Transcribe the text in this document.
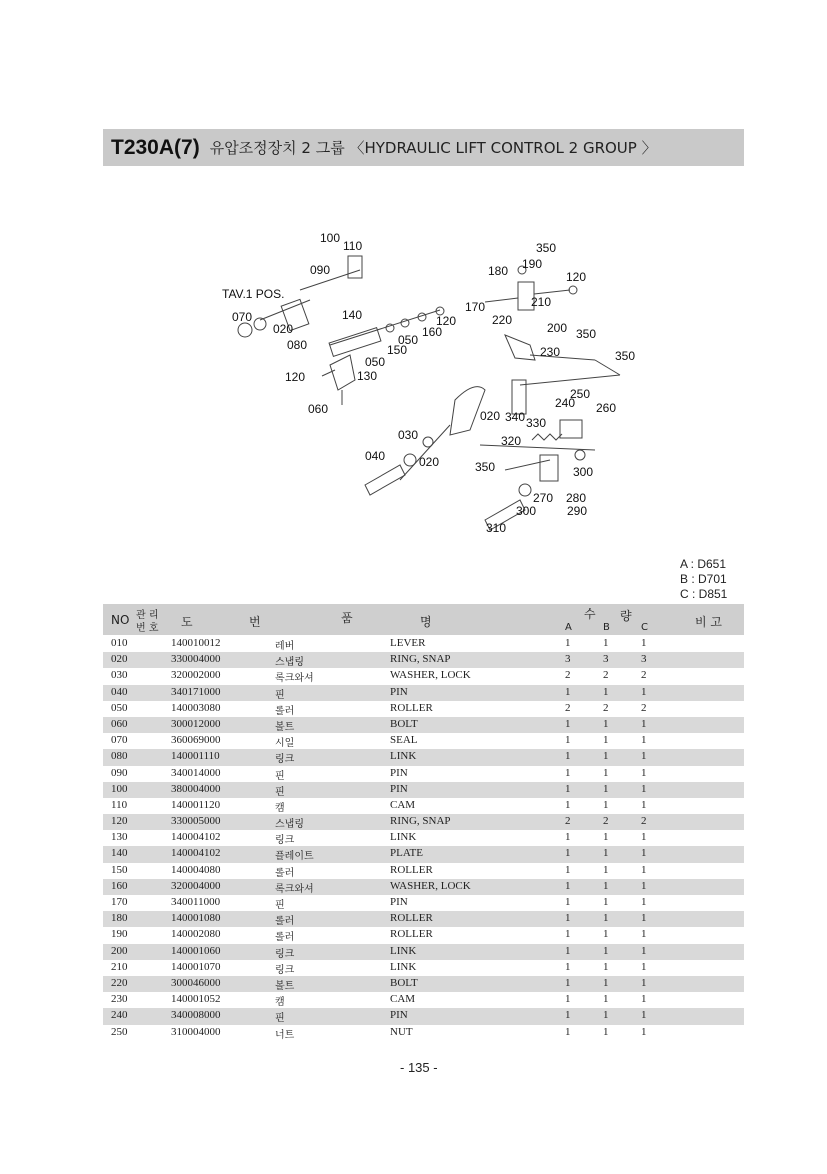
T230A(7) 유압조정장치 2 그룹 〈HYDRAULIC LIFT CONTROL 2 GROUP 〉
100
110
090
TAV.1 POS.
070
020
080
140
050
160
120
150
050
120	130
060
350
180 190
120
170	210
220
200 350
230	350
250
240 260
020 340 330
030	320
040	020	350	300
270 280
300	290
310
A : D651
B : D701
C : D851
NO 관 리
번 호 도	번	품	명
수 량
A	B	C	비 고
010	140010012	레버	LEVER	1	1	1
020	330004000	스냅링	RING, SNAP	3	3	3
030	320002000	록크와셔	WASHER, LOCK	2	2	2
040	340171000	핀	PIN	1	1	1
050	140003080	롤러	ROLLER	2	2	2
060	300012000	볼트	BOLT	1	1	1
070	360069000	시일	SEAL	1	1	1
080	140001110	링크	LINK	1	1	1
090	340014000	핀	PIN	1	1	1
100	380004000	핀	PIN	1	1	1
110	140001120	캠	CAM	1	1	1
120	330005000	스냅링	RING, SNAP	2	2	2
130	140004102	링크	LINK	1	1	1
140	140004102	플레이트	PLATE	1	1	1
150	140004080	롤러	ROLLER	1	1	1
160	320004000	록크와셔	WASHER, LOCK	1	1	1
170	340011000	핀	PIN	1	1	1
180	140001080	롤러	ROLLER	1	1	1
190	140002080	롤러	ROLLER	1	1	1
200	140001060	링크	LINK	1	1	1
210	140001070	링크	LINK	1	1	1
220	300046000	볼트	BOLT	1	1	1
230	140001052	캠	CAM	1	1	1
240	340008000	핀	PIN	1	1	1
250	310004000	너트	NUT	1	1	1
- 135 -
